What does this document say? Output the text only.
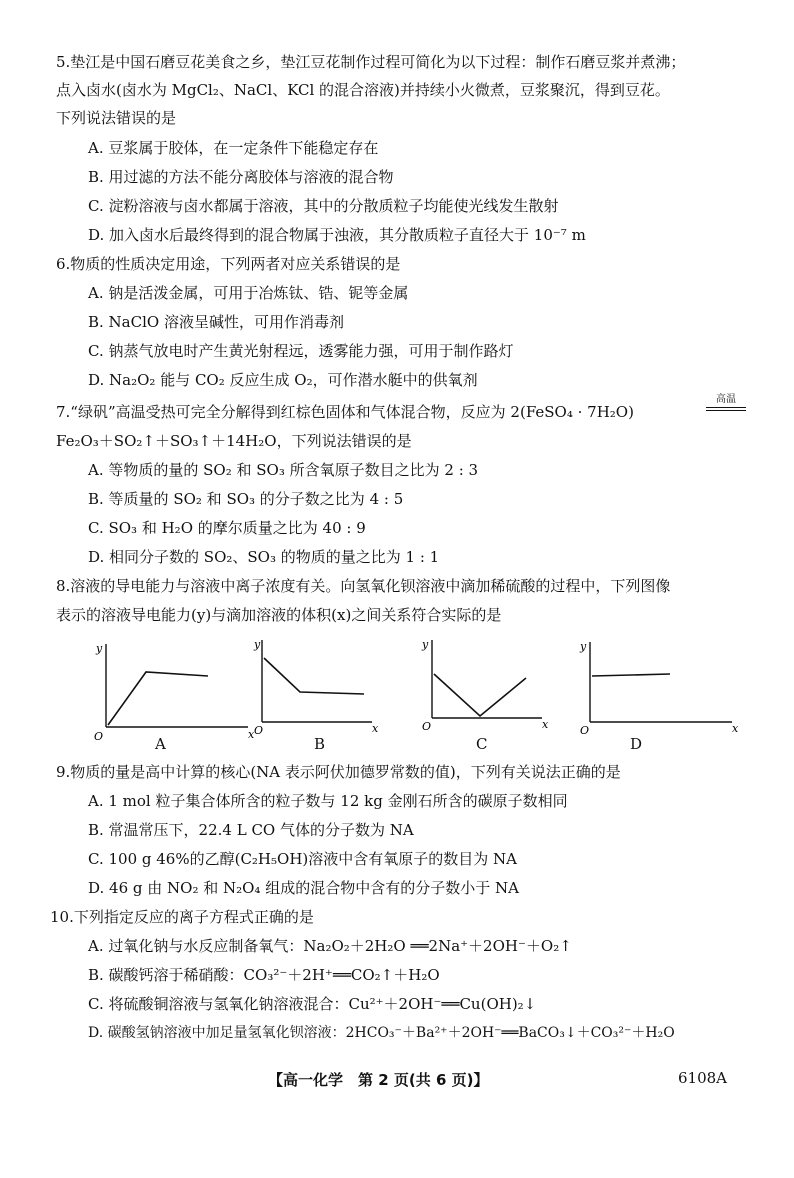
5.垫江是中国石磨豆花美食之乡，垫江豆花制作过程可简化为以下过程：制作石磨豆浆并煮沸；
点入卤水(卤水为 MgCl₂、NaCl、KCl 的混合溶液)并持续小火微煮，豆浆聚沉，得到豆花。
下列说法错误的是
A. 豆浆属于胶体，在一定条件下能稳定存在
B. 用过滤的方法不能分离胶体与溶液的混合物
C. 淀粉溶液与卤水都属于溶液，其中的分散质粒子均能使光线发生散射
D. 加入卤水后最终得到的混合物属于浊液，其分散质粒子直径大于 10⁻⁷ m
6.物质的性质决定用途，下列两者对应关系错误的是
A. 钠是活泼金属，可用于冶炼钛、锆、铌等金属
B. NaClO 溶液呈碱性，可用作消毒剂
C. 钠蒸气放电时产生黄光射程远，透雾能力强，可用于制作路灯
D. Na₂O₂ 能与 CO₂ 反应生成 O₂，可作潜水艇中的供氧剂
7.“绿矾”高温受热可完全分解得到红棕色固体和气体混合物，反应为 2(FeSO₄ · 7H₂O)
高温
Fe₂O₃＋SO₂↑＋SO₃↑＋14H₂O，下列说法错误的是
A. 等物质的量的 SO₂ 和 SO₃ 所含氧原子数目之比为 2 : 3
B. 等质量的 SO₂ 和 SO₃ 的分子数之比为 4 : 5
C. SO₃ 和 H₂O 的摩尔质量之比为 40 : 9
D. 相同分子数的 SO₂、SO₃ 的物质的量之比为 1 : 1
8.溶液的导电能力与溶液中离子浓度有关。向氢氧化钡溶液中滴加稀硫酸的过程中，下列图像
表示的溶液导电能力(y)与滴加溶液的体积(x)之间关系符合实际的是
y
x
O
y
x
O
y
x
O
y
x
O
A	B	C	D
9.物质的量是高中计算的核心(NA 表示阿伏加德罗常数的值)，下列有关说法正确的是
A. 1 mol 粒子集合体所含的粒子数与 12 kg 金刚石所含的碳原子数相同
B. 常温常压下，22.4 L CO 气体的分子数为 NA
C. 100 g 46%的乙醇(C₂H₅OH)溶液中含有氧原子的数目为 NA
D. 46 g 由 NO₂ 和 N₂O₄ 组成的混合物中含有的分子数小于 NA
10.下列指定反应的离子方程式正确的是
A. 过氧化钠与水反应制备氧气：Na₂O₂＋2H₂O ══2Na⁺＋2OH⁻＋O₂↑
B. 碳酸钙溶于稀硝酸：CO₃²⁻＋2H⁺══CO₂↑＋H₂O
C. 将硫酸铜溶液与氢氧化钠溶液混合：Cu²⁺＋2OH⁻══Cu(OH)₂↓
D. 碳酸氢钠溶液中加足量氢氧化钡溶液：2HCO₃⁻＋Ba²⁺＋2OH⁻══BaCO₃↓＋CO₃²⁻＋H₂O
【高一化学　第 2 页(共 6 页)】	6108A
